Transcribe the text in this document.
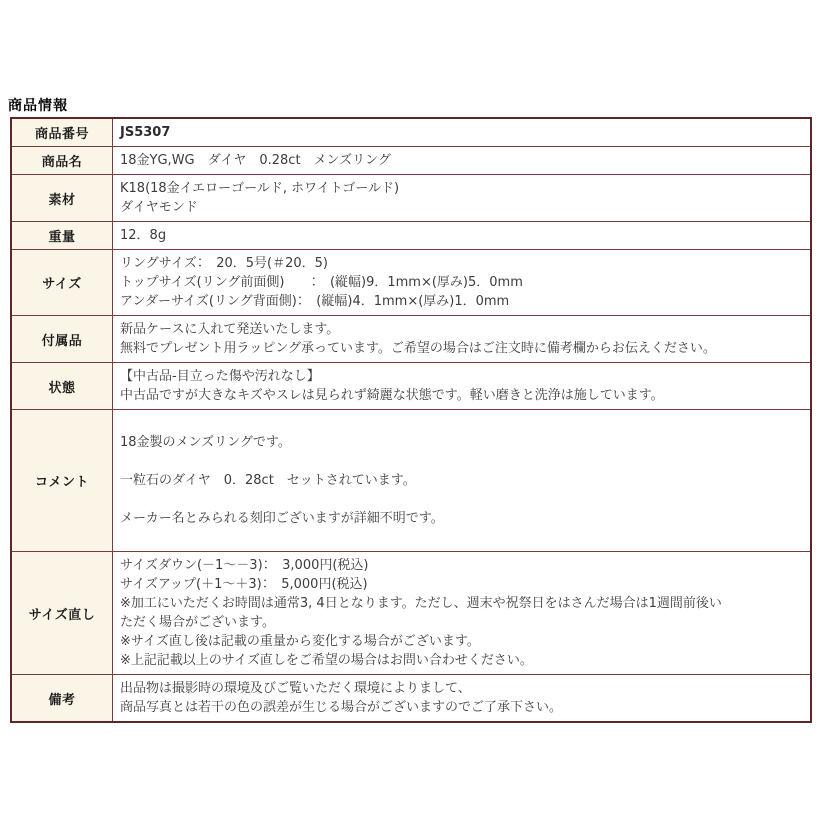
商品情報
商品番号	JS5307

商品名	18金YG,WG　ダイヤ　0.28ct　メンズリング

素材	K18(18金イエローゴールド, ホワイトゴールド)
ダイヤモンド

重量	12．8g

サイズ	リングサイズ：　20．5号(＃20．5)
トップサイズ(リング前面側)　　：　(縦幅)9．1mm×(厚み)5．0mm
アンダーサイズ(リング背面側)：　(縦幅)4．1mm×(厚み)1．0mm

付属品	新品ケースに入れて発送いたします。
無料でプレゼント用ラッピング承っています。ご希望の場合はご注文時に備考欄からお伝えください。

状態	【中古品-目立った傷や汚れなし】
中古品ですが大きなキズやスレは見られず綺麗な状態です。軽い磨きと洗浄は施しています。

コメント	18金製のメンズリングです。

一粒石のダイヤ　0．28ct　セットされています。

メーカー名とみられる刻印ございますが詳細不明です。

サイズ直し	
サイズダウン(－1～－3)：　3,000円(税込)
サイズアップ(＋1～＋3)：　5,000円(税込)
※加工にいただくお時間は通常3, 4日となります。ただし、週末や祝祭日をはさんだ場合は1週間前後い
ただく場合がございます。
※サイズ直し後は記載の重量から変化する場合がございます。
※上記記載以上のサイズ直しをご希望の場合はお問い合わせください。

備考	出品物は撮影時の環境及びご覧いただく環境によりまして、
商品写真とは若干の色の誤差が生じる場合がございますのでご了承下さい。
